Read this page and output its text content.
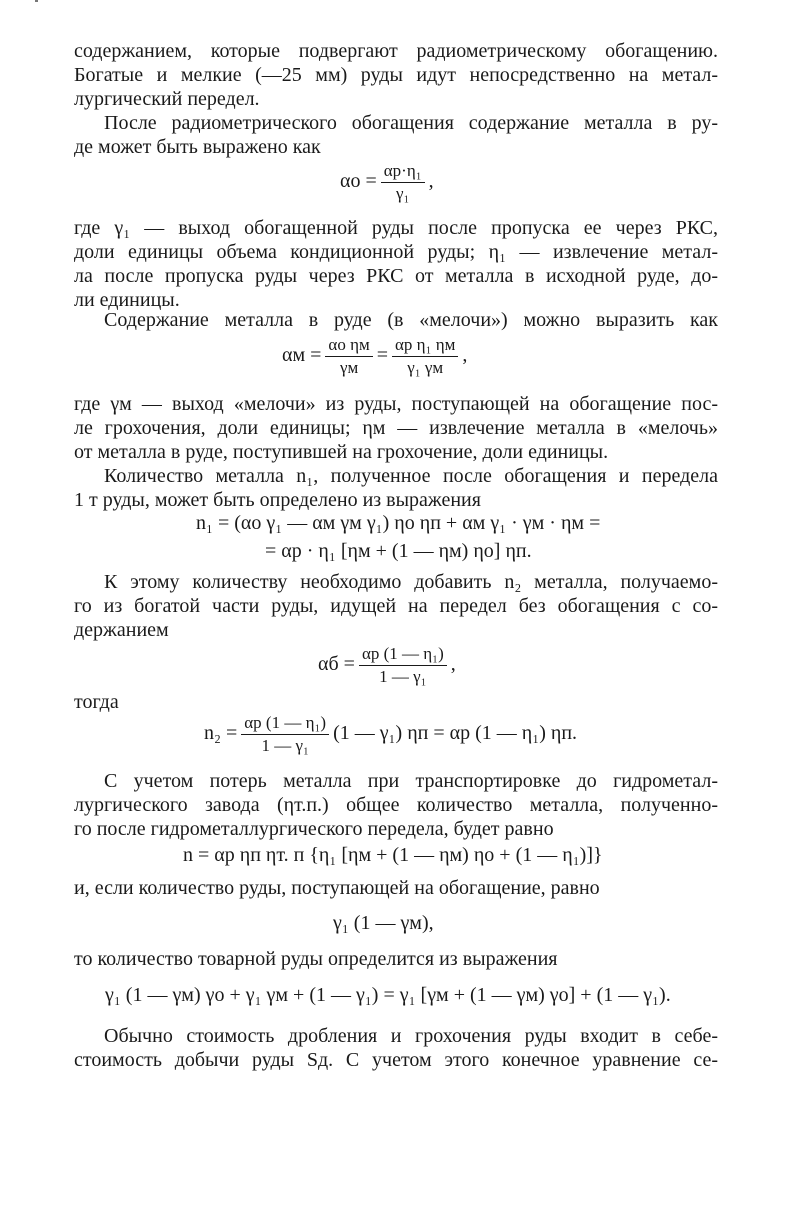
содержанием, которые подвергают радиометрическому обогащению.
Богатые и мелкие (—25 мм) руды идут непосредственно на метал-
лургический передел.
После радиометрического обогащения содержание металла в ру-
де может быть выражено как
$\alpha о = \frac{\text{αр·η₁}}{\text{γ₁}}$ ,
где γ₁ — выход обогащенной руды после пропуска ее через РКС,
доли единицы объема кондиционной руды; η₁ — извлечение метал-
ла после пропуска руды через РКС от металла в исходной руде, до-
ли единицы.
Содержание металла в руде (в «мелочи») можно выразить как
$\alpha м = \frac{\text{αо ηм}}{\gamma м} = \frac{\text{αр η₁ ηм}}{\text{γ₁ γм}}$ ,
где γм — выход «мелочи» из руды, поступающей на обогащение пос-
ле грохочения, доли единицы; ηм — извлечение металла в «мелочь»
от металла в руде, поступившей на грохочение, доли единицы.
Количество металла n₁, полученное после обогащения и передела
1 т руды, может быть определено из выражения
n₁ = (αо γ₁ — αм γм γ₁) ηо ηп + αм γ₁ · γм · ηм =
= αр · η₁ [ηм + (1 — ηм) ηо] ηп.
К этому количеству необходимо добавить n₂ металла, получаемо-
го из богатой части руды, идущей на передел без обогащения с со-
держанием
$\alpha б = \frac{\text{αр (1 — η₁)}}{\text{1 — γ₁}}$ ,
тогда
$n_2 = \frac{\text{αр (1 — η₁)}}{\text{1 — γ₁}} (1$ — γ₁) ηп = αр (1 — η₁) ηп.
С учетом потерь металла при транспортировке до гидрометал-
лургического завода (ηт.п.) общее количество металла, полученно-
го после гидрометаллургического передела, будет равно
n = αр ηп ηт. п {η₁ [ηм + (1 — ηм) ηо + (1 — η₁)]}
и, если количество руды, поступающей на обогащение, равно
γ₁ (1 — γм),
то количество товарной руды определится из выражения
γ₁ (1 — γм) γо + γ₁ γм + (1 — γ₁) = γ₁ [γм + (1 — γм) γо] + (1 — γ₁).
Обычно стоимость дробления и грохочения руды входит в себе-
стоимость добычи руды Sд. С учетом этого конечное уравнение се-
